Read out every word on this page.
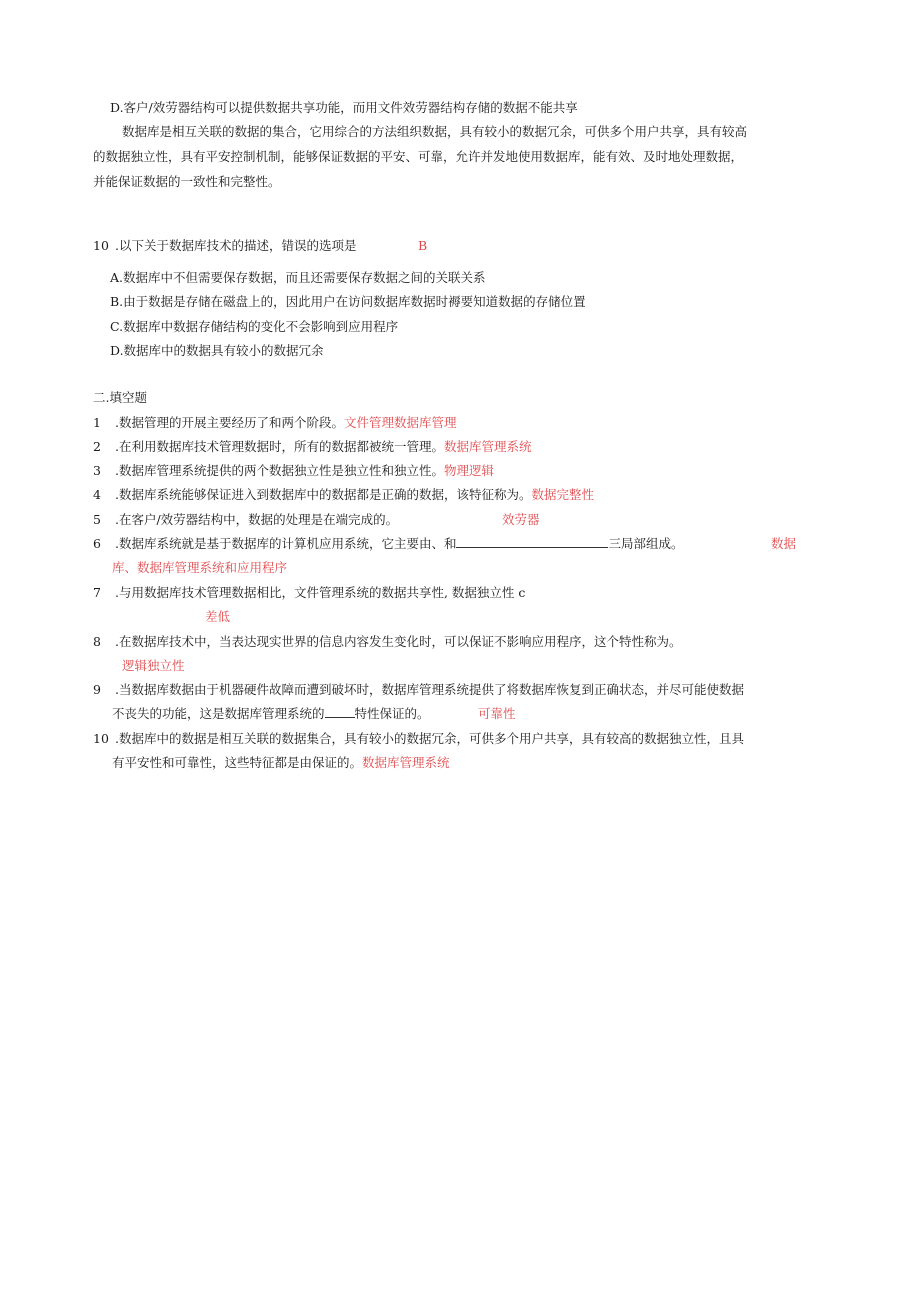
D.客户/效劳器结构可以提供数据共享功能，而用文件效劳器结构存储的数据不能共享
数据库是相互关联的数据的集合，它用综合的方法组织数据，具有较小的数据冗余，可供多个用户共享，具有较高
的数据独立性，具有平安控制机制，能够保证数据的平安、可靠，允许并发地使用数据库，能有效、及时地处理数据，
并能保证数据的一致性和完整性。
10 .以下关于数据库技术的描述，错误的选项是	B
A.数据库中不但需要保存数据，而且还需要保存数据之间的关联关系
B.由于数据是存储在磁盘上的，因此用户在访问数据库数据时褥要知道数据的存储位置
C.数据库中数据存储结构的变化不会影响到应用程序
D.数据库中的数据具有较小的数据冗余
二.填空题
1 .数据管理的开展主要经历了和两个阶段。文件管理数据库管理
2 .在利用数据库技术管理数据时，所有的数据都被统一管理。数据库管理系统
3 .数据库管理系统提供的两个数据独立性是独立性和独立性。物理逻辑
4 .数据库系统能够保证进入到数据库中的数据都是正确的数据，该特征称为。数据完整性
5 .在客户/效劳器结构中，数据的处理是在端完成的。	效劳器
6 .数据库系统就是基于数据库的计算机应用系统，它主要由、和	三局部组成。	数据
库、数据库管理系统和应用程序
7 .与用数据库技术管理数据相比，文件管理系统的数据共享性, 数据独立性 c
差低
8 .在数据库技术中，当表达现实世界的信息内容发生变化时，可以保证不影响应用程序，这个特性称为。
逻辑独立性
9 .当数据库数据由于机器硬件故障而遭到破坏时，数据库管理系统提供了将数据库恢复到正确状态，并尽可能使数据
不丧失的功能，这是数据库管理系统的 特性保证的。	可靠性
10 .数据库中的数据是相互关联的数据集合，具有较小的数据冗余，可供多个用户共享，具有较高的数据独立性，且具
有平安性和可靠性，这些特征都是由保证的。数据库管理系统
